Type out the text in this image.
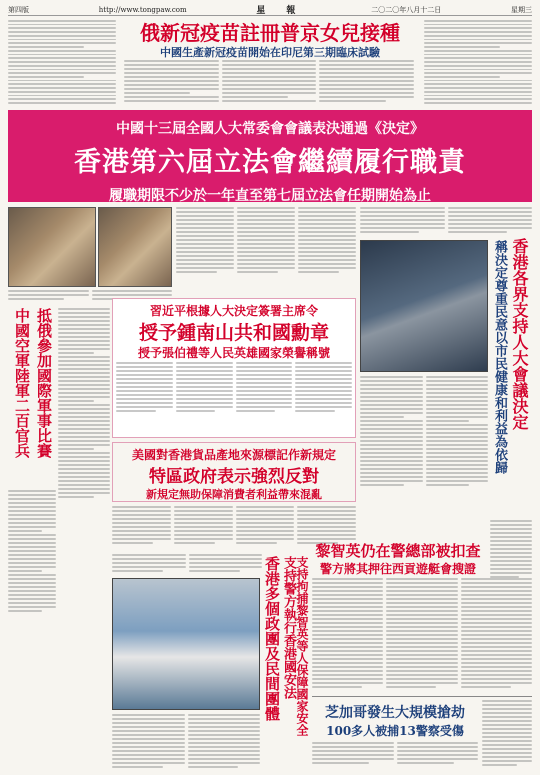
第四版	http://www.tongpaw.com	星　報	二〇二〇年八月十二日	星期三
俄新冠疫苗註冊普京女兒接種
中國生產新冠疫苗開始在印尼第三期臨床試驗
中國十三屆全國人大常委會會議表決通過《決定》
香港第六屆立法會繼續履行職責
履職期限不少於一年直至第七屆立法會任期開始為止
中國空軍陸軍二百官兵 抵俄參加國際軍事比賽	香港各界支持人大會議決定
稱決定尊重民意以市民健康和利益為依歸
習近平根據人大決定簽署主席令
授予鍾南山共和國勳章
授予張伯禮等人民英雄國家榮譽稱號
美國對香港貨品產地來源標記作新規定
特區政府表示強烈反對
新規定無助保障消費者利益帶來混亂
香港多個政團及民間團體 支持警方執行香港國安法 支持拘捕黎智英等人保障國家安全
黎智英仍在警總部被扣查
警方將其押往西貢遊艇會搜證
芝加哥發生大規模搶劫
100多人被捕13警察受傷
